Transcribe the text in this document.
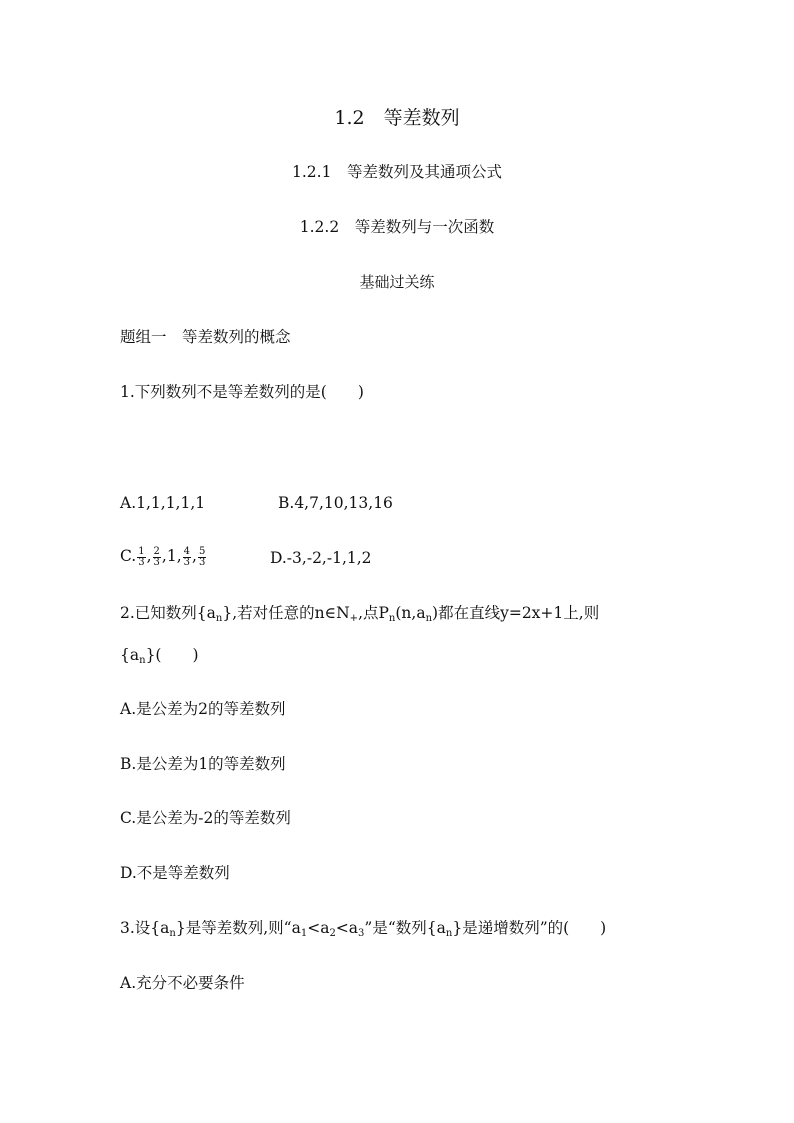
1.2　等差数列
1.2.1　等差数列及其通项公式
1.2.2　等差数列与一次函数
基础过关练
题组一　等差数列的概念
1.下列数列不是等差数列的是(　　)
A.1,1,1,1,1	B.4,7,10,13,16
C. $\frac{1}{3}$ , $\frac{2}{3} ,1$, $\frac{4}{3}$ , $\frac{5}{3}$	D.-3,-2,-1,1,2
2.已知数列$\{a_n\}$,若对任意的$n\in N_+$,点$P_n(n,a_n)$都在直线y=2x+1上,则
$\{a_n\}$(　　)
A.是公差为2的等差数列
B.是公差为1的等差数列
C.是公差为-2的等差数列
D.不是等差数列
3.设$\{a_n\}$是等差数列,则“$a_1<a_2<a_3$”是“数列$\{a_n\}$是递增数列”的(　　)
A.充分不必要条件
